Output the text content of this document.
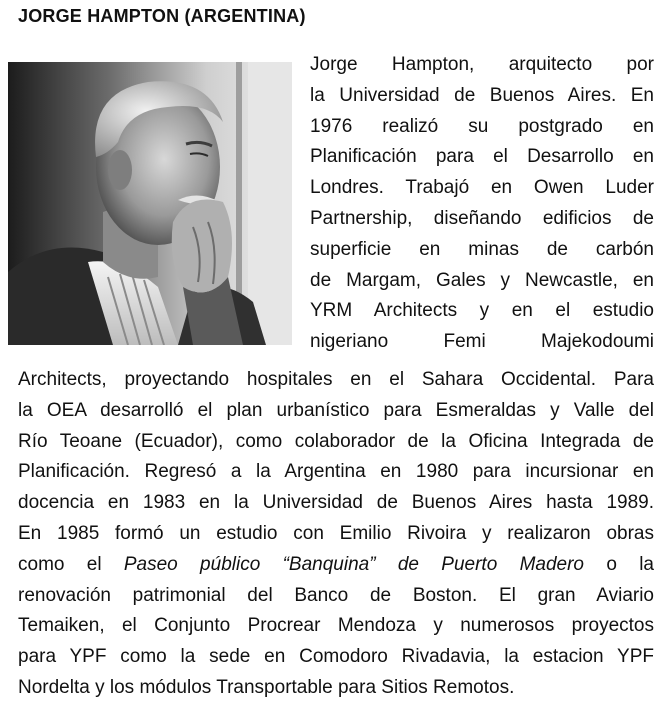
JORGE HAMPTON (ARGENTINA)
Jorge Hampton, arquitecto por
la Universidad de Buenos Aires. En
1976 realizó su postgrado en
Planificación para el Desarrollo en
Londres. Trabajó en Owen Luder
Partnership, diseñando edificios de
superficie en minas de carbón
de Margam, Gales y Newcastle, en
YRM Architects y en el estudio
nigeriano Femi Majekodoumi
Architects, proyectando hospitales en el Sahara Occidental. Para
la OEA desarrolló el plan urbanístico para Esmeraldas y Valle del
Río Teoane (Ecuador), como colaborador de la Oficina Integrada de
Planificación. Regresó a la Argentina en 1980 para incursionar en
docencia en 1983 en la Universidad de Buenos Aires hasta 1989.
En 1985 formó un estudio con Emilio Rivoira y realizaron obras
como el Paseo público “Banquina” de Puerto Madero o la
renovación patrimonial del Banco de Boston. El gran Aviario
Temaiken, el Conjunto Procrear Mendoza y numerosos proyectos
para YPF como la sede en Comodoro Rivadavia, la estacion YPF
Nordelta y los módulos Transportable para Sitios Remotos.
